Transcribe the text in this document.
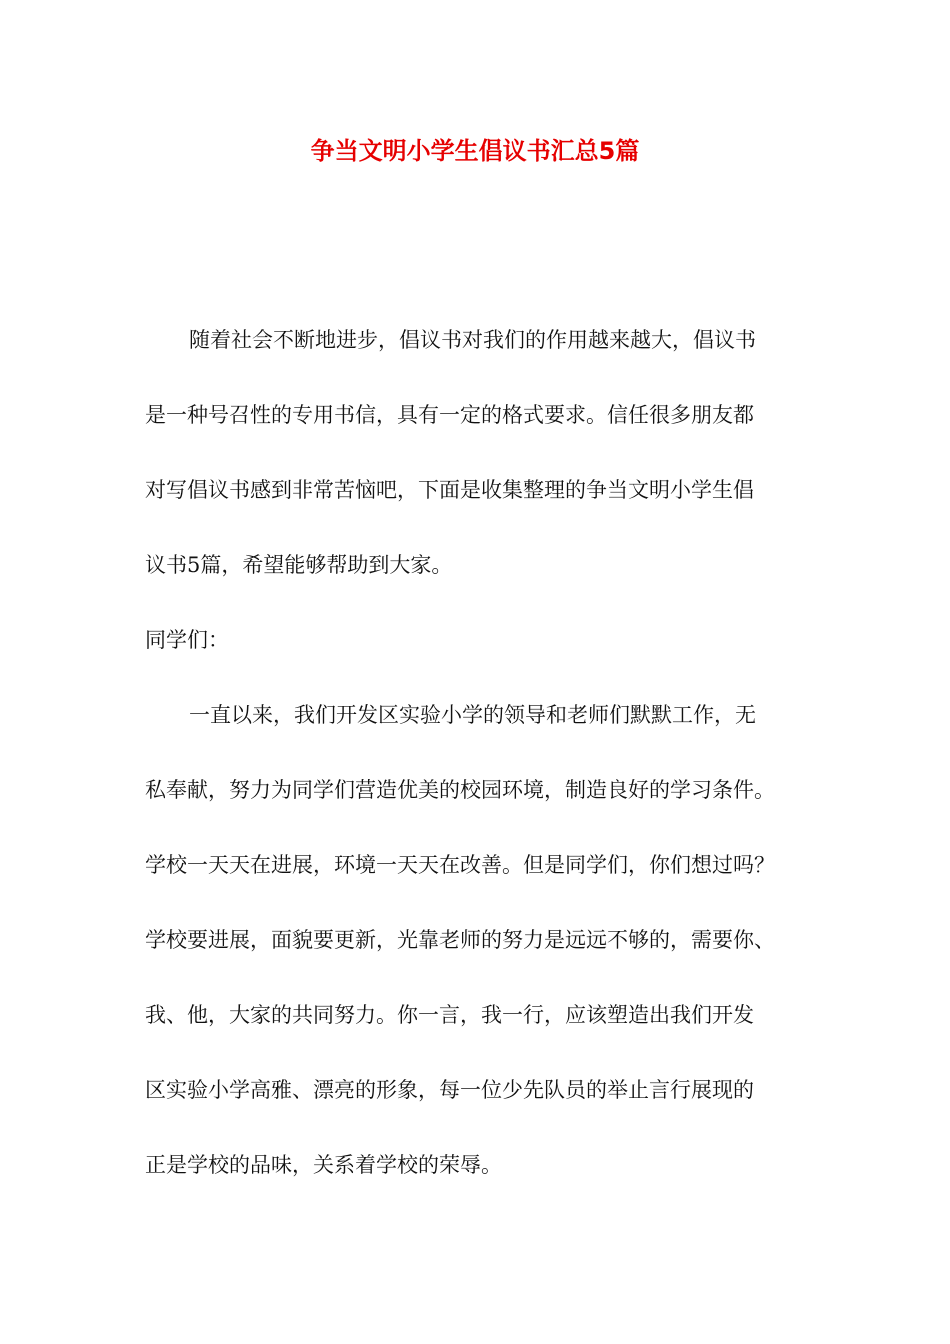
争当文明小学生倡议书汇总5篇

随着社会不断地进步，倡议书对我们的作用越来越大，倡议书

是一种号召性的专用书信，具有一定的格式要求。信任很多朋友都

对写倡议书感到非常苦恼吧，下面是收集整理的争当文明小学生倡

议书5篇，希望能够帮助到大家。

同学们：

一直以来，我们开发区实验小学的领导和老师们默默工作，无

私奉献，努力为同学们营造优美的校园环境，制造良好的学习条件。

学校一天天在进展，环境一天天在改善。但是同学们，你们想过吗？

学校要进展，面貌要更新，光靠老师的努力是远远不够的，需要你、

我、他，大家的共同努力。你一言，我一行，应该塑造出我们开发

区实验小学高雅、漂亮的形象，每一位少先队员的举止言行展现的

正是学校的品味，关系着学校的荣辱。
